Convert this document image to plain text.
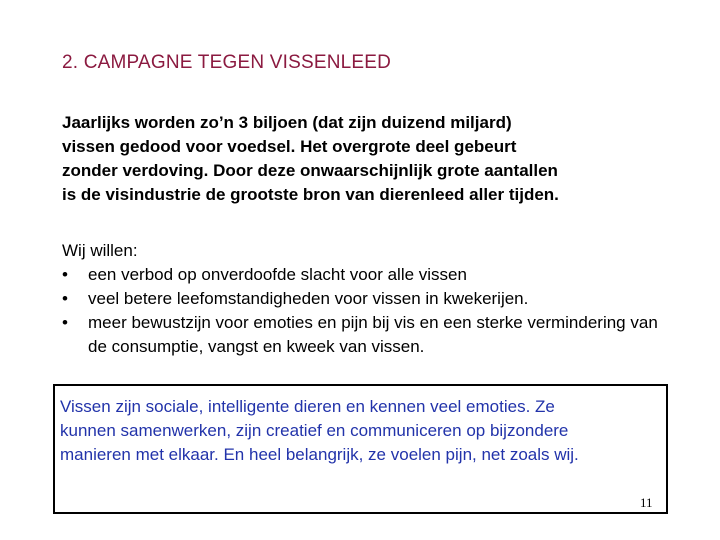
2. CAMPAGNE TEGEN VISSENLEED
Jaarlijks worden zo’n 3 biljoen (dat zijn duizend miljard)
vissen gedood voor voedsel. Het overgrote deel gebeurt
zonder verdoving. Door deze onwaarschijnlijk grote aantallen
is de visindustrie de grootste bron van dierenleed aller tijden.
Wij willen:
•	een verbod op onverdoofde slacht voor alle vissen
•	veel betere leefomstandigheden voor vissen in kwekerijen.
•	meer bewustzijn voor emoties en pijn bij vis en een sterke vermindering van de consumptie, vangst en kweek van vissen.
Vissen zijn sociale, intelligente dieren en kennen veel emoties. Ze
kunnen samenwerken, zijn creatief en communiceren op bijzondere
manieren met elkaar. En heel belangrijk, ze voelen pijn, net zoals wij.
11
